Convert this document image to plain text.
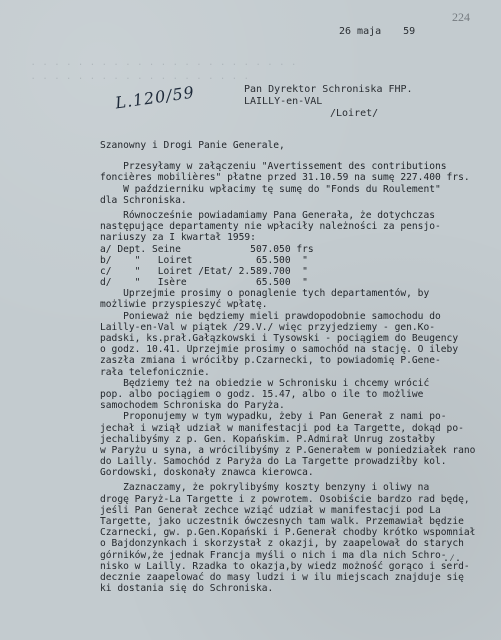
. . . . . . . . . . . . . . . . . . . . . . .
. . . . . . . . . . . . . . . . . . .
224
26 maja 59
L.120/59	Pan Dyrektor Schroniska FHP.
LAILLY-en-VAL
/Loiret/
Szanowny i Drogi Panie Generale,
Przesyłamy w załączeniu "Avertissement des contributions
foncières mobilières" płatne przed 31.10.59 na sumę 227.400 frs.
W październiku wpłacimy tę sumę do "Fonds du Roulement"
dla Schroniska.
Równocześnie powiadamiamy Pana Generała, że dotychczas
następujące departamenty nie wpłaciły należności za pensjo-
nariuszy za I kwartał 1959:
a/ Dept. Seine            507.050 frs
b/    "   Loiret           65.500  "
c/    "   Loiret /Etat/ 2.589.700  "
d/    "   Isère            65.500  "
Uprzejmie prosimy o ponaglenie tych departamentów, by
możliwie przyspieszyć wpłatę.
Ponieważ nie będziemy mieli prawdopodobnie samochodu do
Lailly-en-Val w piątek /29.V./ więc przyjedziemy - gen.Ko-
padski, ks.prał.Gałązkowski i Tysowski - pociągiem do Beugency
o godz. 10.41. Uprzejmie prosimy o samochód na stację. O ileby
zaszła zmiana i wróciłby p.Czarnecki, to powiadomię P.Gene-
rała telefonicznie.
Będziemy też na obiedzie w Schronisku i chcemy wrócić
pop. albo pociągiem o godz. 15.47, albo o ile to możliwe
samochodem Schroniska do Paryża.
Proponujemy w tym wypadku, żeby i Pan Generał z nami po-
jechał i wziął udział w manifestacji pod Ła Targette, dokąd po-
jechalibyśmy z p. Gen. Kopańskim. P.Admirał Unrug zostałby
w Paryżu u syna, a wrócilibyśmy z P.Generałem w poniedziałek rano
do Lailly. Samochód z Paryża do La Targette prowadziłby kol.
Gordowski, doskonały znawca kierowca.
Zaznaczamy, że pokrylibyśmy koszty benzyny i oliwy na
drogę Paryż-La Targette i z powrotem. Osobiście bardzo rad będę,
jeśli Pan Generał zechce wziąć udział w manifestacji pod La
Targette, jako uczestnik ówczesnych tam walk. Przemawiał będzie
Czarnecki, gw. p.Gen.Kopański i P.Generał chodby krótko wspomniał
o Bajdonzynkach i skorzystał z okazji, by zaapelował do starych
górników,że jednak Francja myśli o nich i ma dla nich Schro-
nisko w Lailly. Rzadka to okazja,by wiedz możność gorąco i serd-
decznie zaapelować do masy ludzi i w ilu miejscach znajduje się
ki dostania się do Schroniska.
.⁄.
